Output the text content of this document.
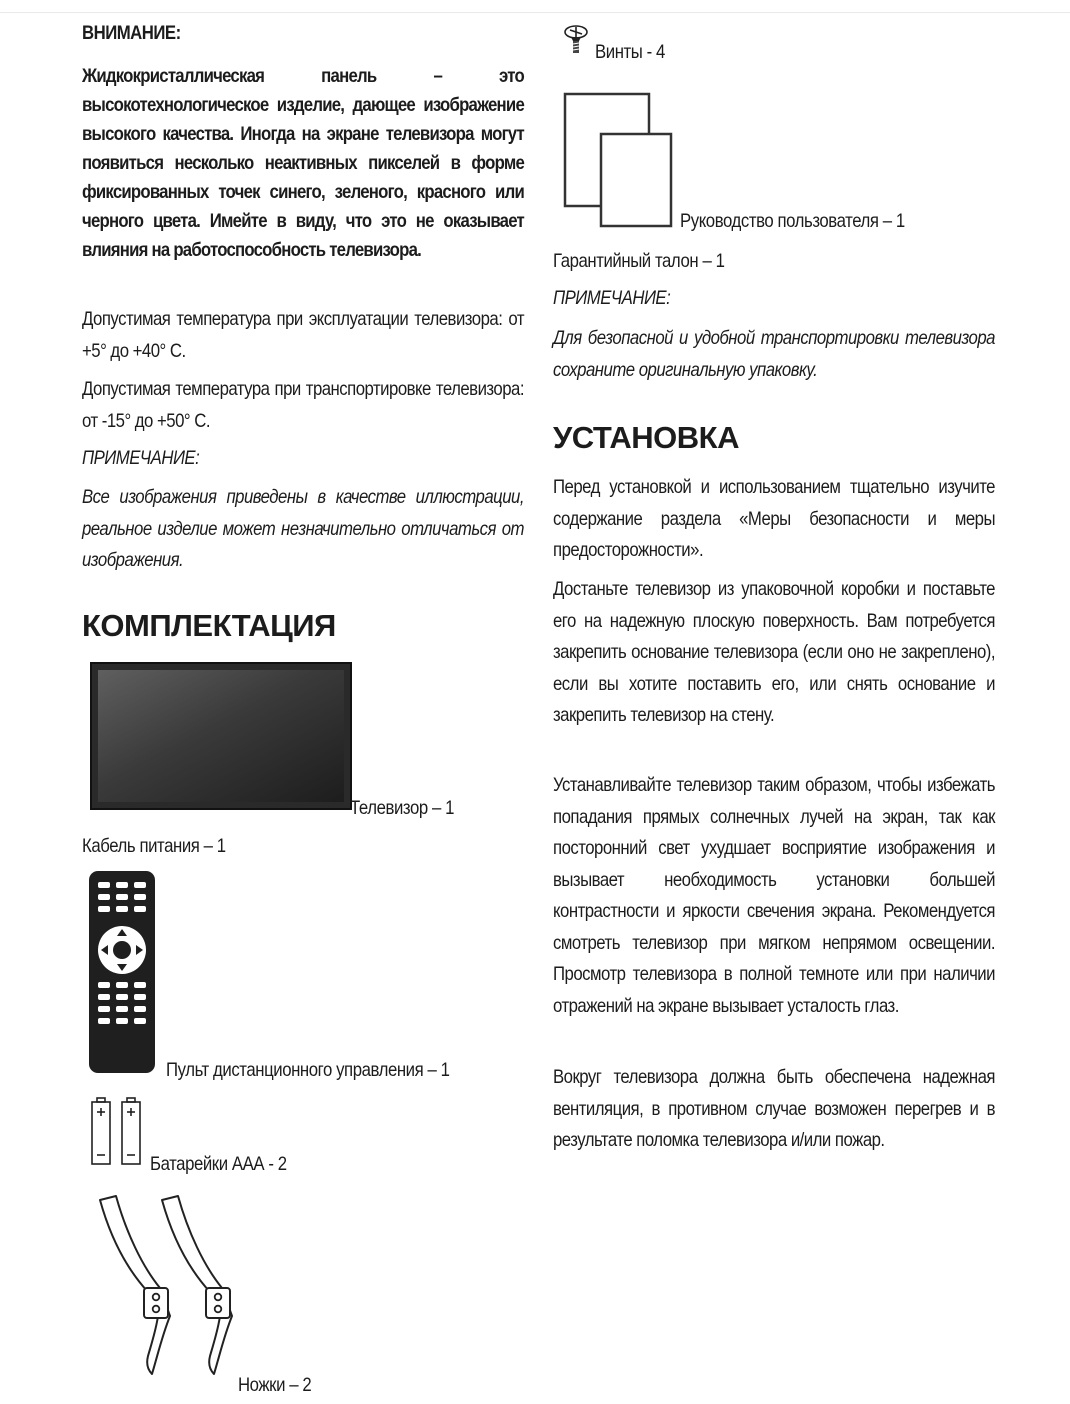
ВНИМАНИЕ:
Жидкокристаллическая панель – это высокотехнологическое изделие, дающее изображение высокого качества. Иногда на экране телевизора могут появиться несколько неактивных пикселей в форме фиксированных точек синего, зеленого, красного или черного цвета. Имейте в виду, что это не оказывает влияния на работоспособность телевизора.
Допустимая температура при эксплуатации телевизора: от +5° до +40° С.
Допустимая температура при транспортировке телевизора: от -15° до +50° С.
ПРИМЕЧАНИЕ:
Все изображения приведены в качестве иллюстрации, реальное изделие может незначительно отличаться от изображения.
КОМПЛЕКТАЦИЯ
Телевизор – 1
Кабель питания – 1
Пульт дистанционного управления – 1
Батарейки ААА - 2
Ножки – 2
Винты - 4
Руководство пользователя – 1
Гарантийный талон – 1
ПРИМЕЧАНИЕ:
Для безопасной и удобной транспортировки телевизора сохраните оригинальную упаковку.
УСТАНОВКА
Перед установкой и использованием тщательно изучите содержание раздела «Меры безопасности и меры предосторожности».
Достаньте телевизор из упаковочной коробки и поставьте его на надежную плоскую поверхность. Вам потребуется закрепить основание телевизора (если оно не закреплено), если вы хотите поставить его, или снять основание и закрепить телевизор на стену.
Устанавливайте телевизор таким образом, чтобы избежать попадания прямых солнечных лучей на экран, так как посторонний свет ухудшает восприятие изображения и вызывает необходимость установки большей контрастности и яркости свечения экрана. Рекомендуется смотреть телевизор при мягком непрямом освещении. Просмотр телевизора в полной темноте или при наличии отражений на экране вызывает усталость глаз.
Вокруг телевизора должна быть обеспечена надежная вентиляция, в противном случае возможен перегрев и в результате поломка телевизора и/или пожар.
